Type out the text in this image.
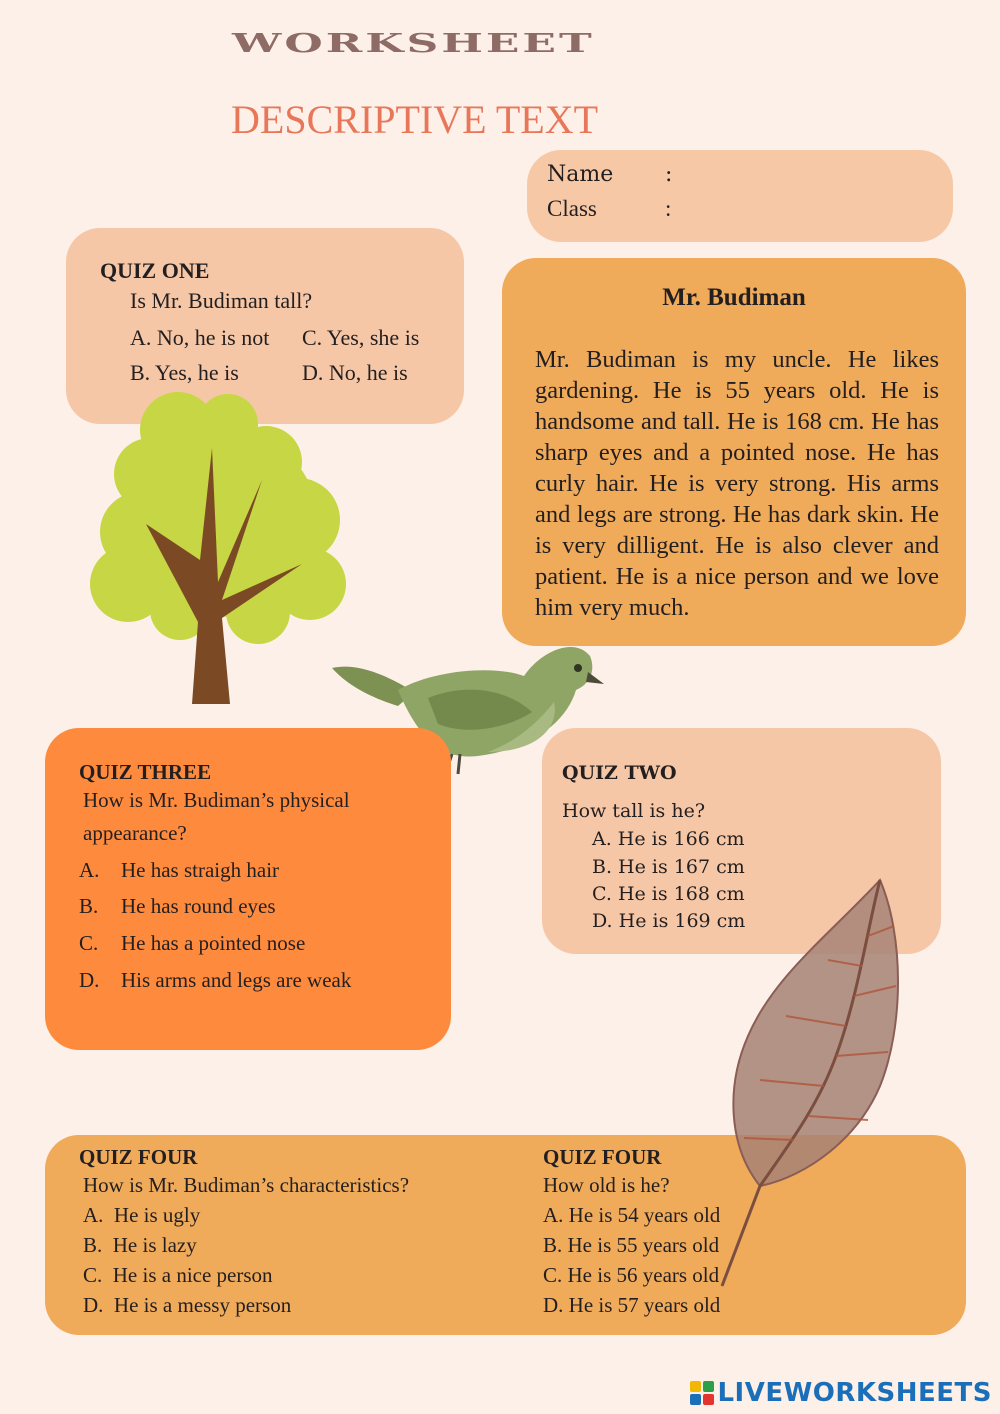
WORKSHEET
DESCRIPTIVE TEXT
Name :
Class	:
QUIZ ONE
Is Mr. Budiman tall?
A. No, he is not C. Yes, she is
B. Yes, he is	D. No, he is
Mr. Budiman
Mr. Budiman is my uncle. He likes gardening. He is 55 years old. He is handsome and tall. He is 168 cm. He has sharp eyes and a pointed nose. He has curly hair. He is very strong. His arms and legs are strong. He has dark skin. He is very dilligent. He is also clever and patient. He is a nice person and we love him very much.
QUIZ THREE
How is Mr. Budiman’s physical
appearance?
A. He has straigh hair
B. He has round eyes
C. He has a pointed nose
D. His arms and legs are weak
QUIZ TWO
How tall is he?
A. He is 166 cm
B. He is 167 cm
C. He is 168 cm
D. He is 169 cm
QUIZ FOUR
How is Mr. Budiman’s characteristics?
A.  He is ugly
B.  He is lazy
C.  He is a nice person
D.  He is a messy person
QUIZ FOUR
How old is he?
A. He is 54 years old
B. He is 55 years old
C. He is 56 years old
D. He is 57 years old
LIVEWORKSHEETS
